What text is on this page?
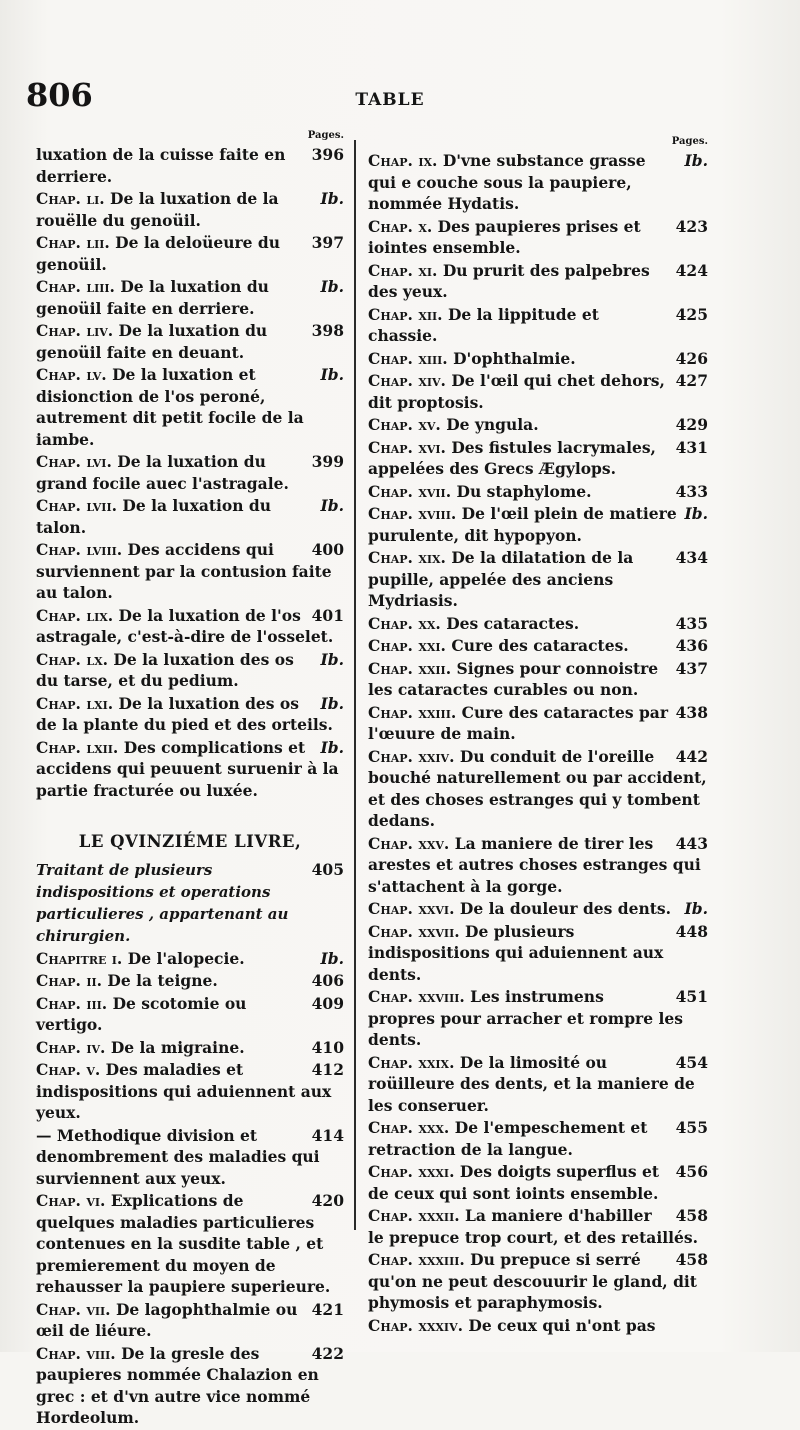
806	TABLE
Pages.
396
luxation de la cuisse faite en derriere.
Ib.
Chap. li. De la luxation de la rouëlle du genoüil.
397
Chap. lii. De la deloüeure du genoüil.
Ib.
Chap. liii. De la luxation du genoüil faite en derriere.
398
Chap. liv. De la luxation du genoüil faite en deuant.
Ib.
Chap. lv. De la luxation et disionction de l'os peroné, autrement dit petit focile de la iambe.
399
Chap. lvi. De la luxation du grand focile auec l'astragale.
Ib.
Chap. lvii. De la luxation du talon.
400
Chap. lviii. Des accidens qui surviennent par la contusion faite au talon.
401
Chap. lix. De la luxation de l'os astragale, c'est-à-dire de l'osselet.
Ib.
Chap. lx. De la luxation des os du tarse, et du pedium.
Ib.
Chap. lxi. De la luxation des os de la plante du pied et des orteils.
Ib.
Chap. lxii. Des complications et accidens qui peuuent suruenir à la partie fracturée ou luxée.
LE QVINZIÉME LIVRE,
405
Traitant de plusieurs indispositions et operations particulieres , appartenant au chirurgien.
Ib.
Chapitre i. De l'alopecie.
406
Chap. ii. De la teigne.
409
Chap. iii. De scotomie ou vertigo.
410
Chap. iv. De la migraine.
412
Chap. v. Des maladies et indispositions qui aduiennent aux yeux.
414
— Methodique division et denombrement des maladies qui surviennent aux yeux.
420
Chap. vi. Explications de quelques maladies particulieres contenues en la susdite table , et premierement du moyen de rehausser la paupiere superieure.
421
Chap. vii. De lagophthalmie ou œil de liéure.
422
Chap. viii. De la gresle des paupieres nommée Chalazion en grec : et d'vn autre vice nommé Hordeolum.
Pages.
Ib.
Chap. ix. D'vne substance grasse qui e couche sous la paupiere, nommée Hydatis.
423
Chap. x. Des paupieres prises et iointes ensemble.
424
Chap. xi. Du prurit des palpebres des yeux.
425
Chap. xii. De la lippitude et chassie.
426
Chap. xiii. D'ophthalmie.
427
Chap. xiv. De l'œil qui chet dehors, dit proptosis.
429
Chap. xv. De yngula.
431
Chap. xvi. Des fistules lacrymales, appelées des Grecs Ægylops.
433
Chap. xvii. Du staphylome.
Ib.
Chap. xviii. De l'œil plein de matiere purulente, dit hypopyon.
434
Chap. xix. De la dilatation de la pupille, appelée des anciens Mydriasis.
435
Chap. xx. Des cataractes.
436
Chap. xxi. Cure des cataractes.
437
Chap. xxii. Signes pour connoistre les cataractes curables ou non.
438
Chap. xxiii. Cure des cataractes par l'œuure de main.
442
Chap. xxiv. Du conduit de l'oreille bouché naturellement ou par accident, et des choses estranges qui y tombent dedans.
443
Chap. xxv. La maniere de tirer les arestes et autres choses estranges qui s'attachent à la gorge.
Ib.
Chap. xxvi. De la douleur des dents.
448
Chap. xxvii. De plusieurs indispositions qui aduiennent aux dents.
451
Chap. xxviii. Les instrumens propres pour arracher et rompre les dents.
454
Chap. xxix. De la limosité ou roüilleure des dents, et la maniere de les conseruer.
455
Chap. xxx. De l'empeschement et retraction de la langue.
456
Chap. xxxi. Des doigts superflus et de ceux qui sont ioints ensemble.
458
Chap. xxxii. La maniere d'habiller le prepuce trop court, et des retaillés.
458
Chap. xxxiii. Du prepuce si serré qu'on ne peut descouurir le gland, dit phymosis et paraphymosis.
Chap. xxxiv. De ceux qui n'ont pas
